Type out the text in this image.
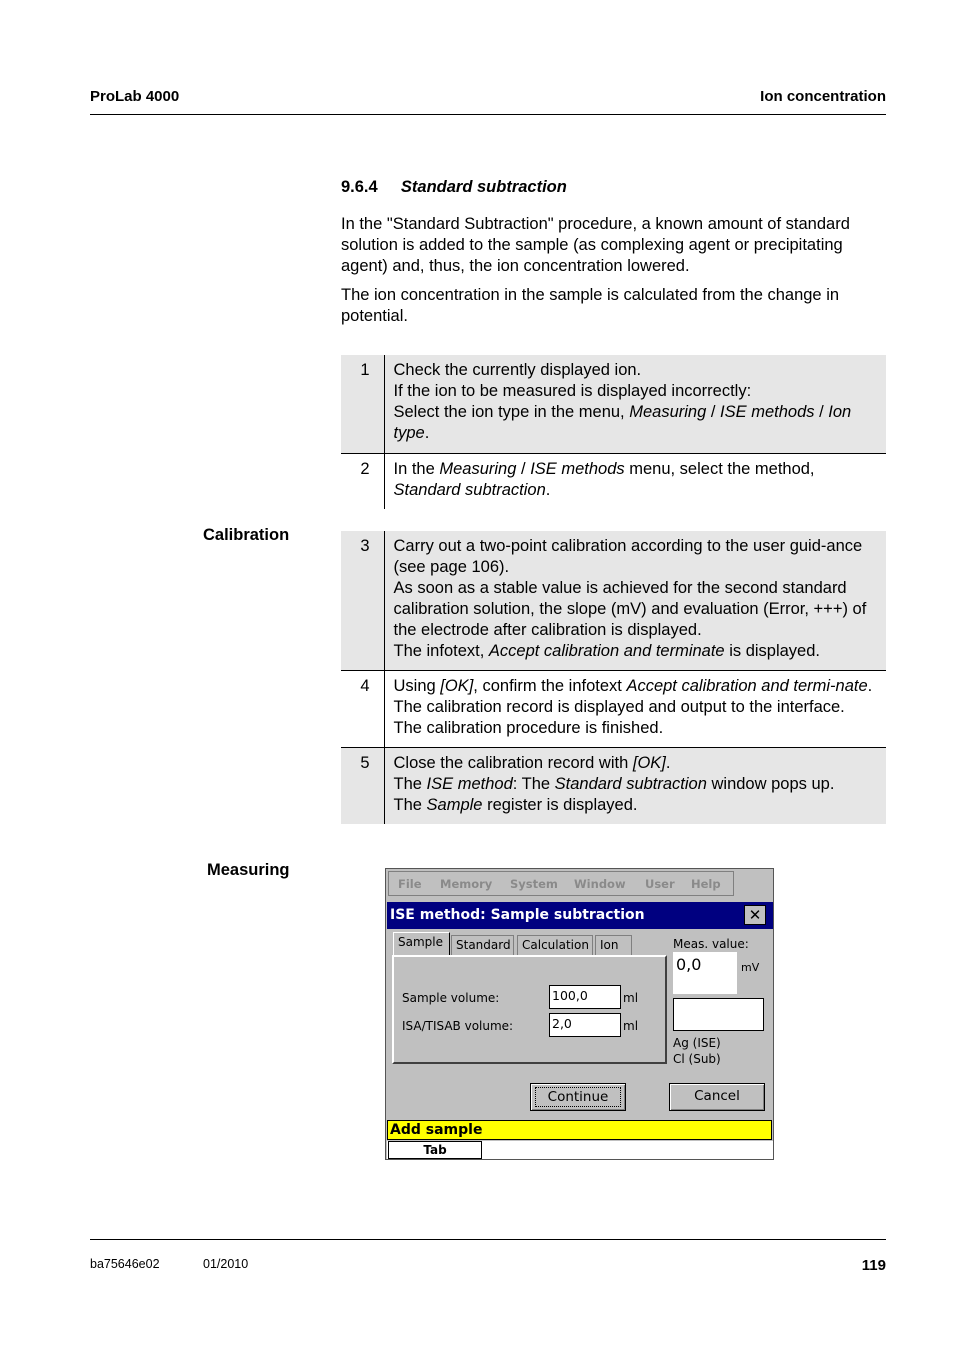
ProLab 4000	Ion concentration
9.6.4 Standard subtraction
In the "Standard Subtraction" procedure, a known amount of standard solution is added to the sample (as complexing agent or precipitating agent) and, thus, the ion concentration lowered.
The ion concentration in the sample is calculated from the change in potential.
1	Check the currently displayed ion.
If the ion to be measured is displayed incorrectly:
Select the ion type in the menu, Measuring / ISE methods / Ion type.

2	In the Measuring / ISE methods menu, select the method, Standard subtraction.
Calibration
3	Carry out a two-point calibration according to the user guid-ance (see page 106).
As soon as a stable value is achieved for the second standard calibration solution, the slope (mV) and evaluation (Error, +++) of the electrode after calibration is displayed.
The infotext, Accept calibration and terminate is displayed.

4	Using [OK], confirm the infotext Accept calibration and termi-nate.
The calibration record is displayed and output to the interface.
The calibration procedure is finished.

5	Close the calibration record with [OK].
The ISE method: The Standard subtraction window pops up.
The Sample register is displayed.
Measuring
File Memory System Window User Help
ISE method: Sample subtraction	✕
Sample	Standard Calculation Ion
Sample volume:	100,0	ml
ISA/TISAB volume:	2,0	ml
Meas. value:
0,0	mV
Ag (ISE)
Cl (Sub)
Continue	Cancel
Add sample
Tab
ba75646e02	01/2010	119
